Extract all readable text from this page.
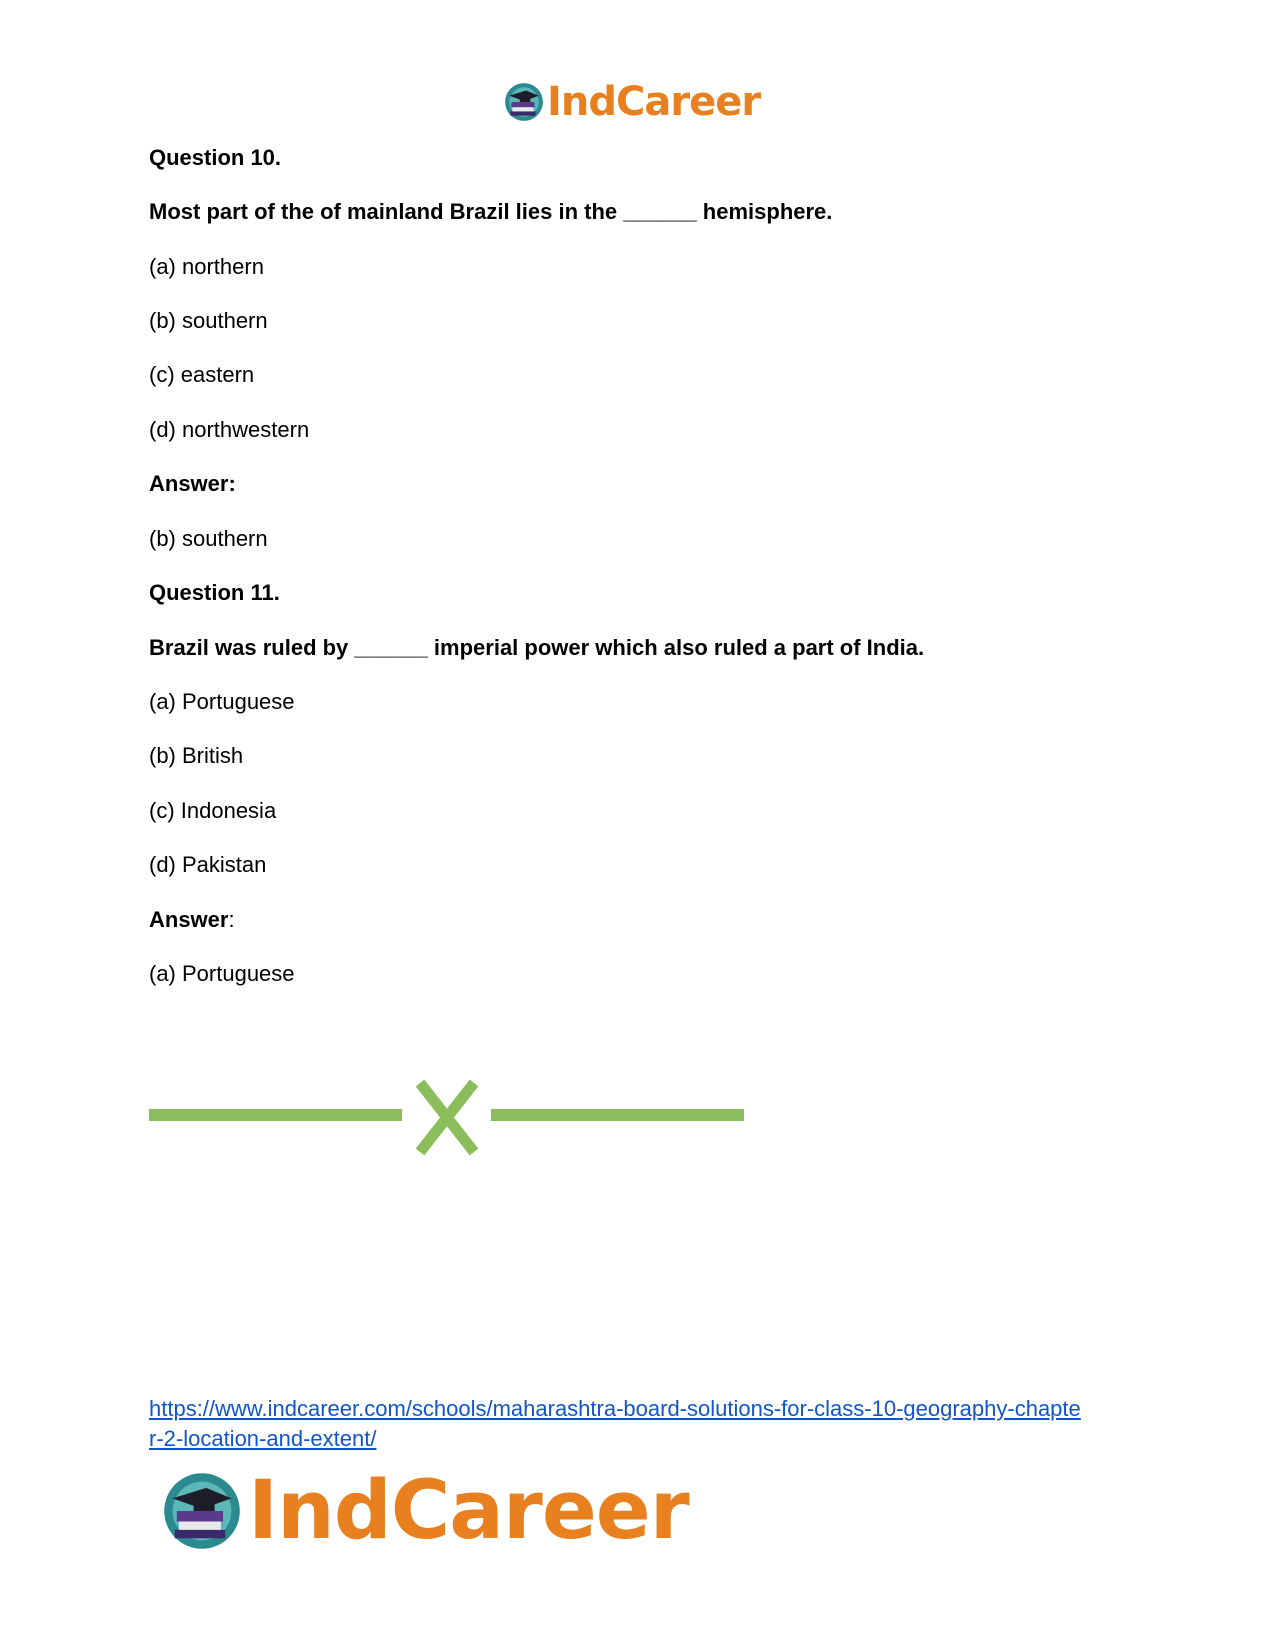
IndCareer
Question 10.
Most part of the of mainland Brazil lies in the ______ hemisphere.
(a) northern
(b) southern
(c) eastern
(d) northwestern
Answer:
(b) southern
Question 11.
Brazil was ruled by ______ imperial power which also ruled a part of India.
(a) Portuguese
(b) British
(c) Indonesia
(d) Pakistan
Answer:
(a) Portuguese
https://www.indcareer.com/schools/maharashtra-board-solutions-for-class-10-geography-chapte
r-2-location-and-extent/
IndCareer
